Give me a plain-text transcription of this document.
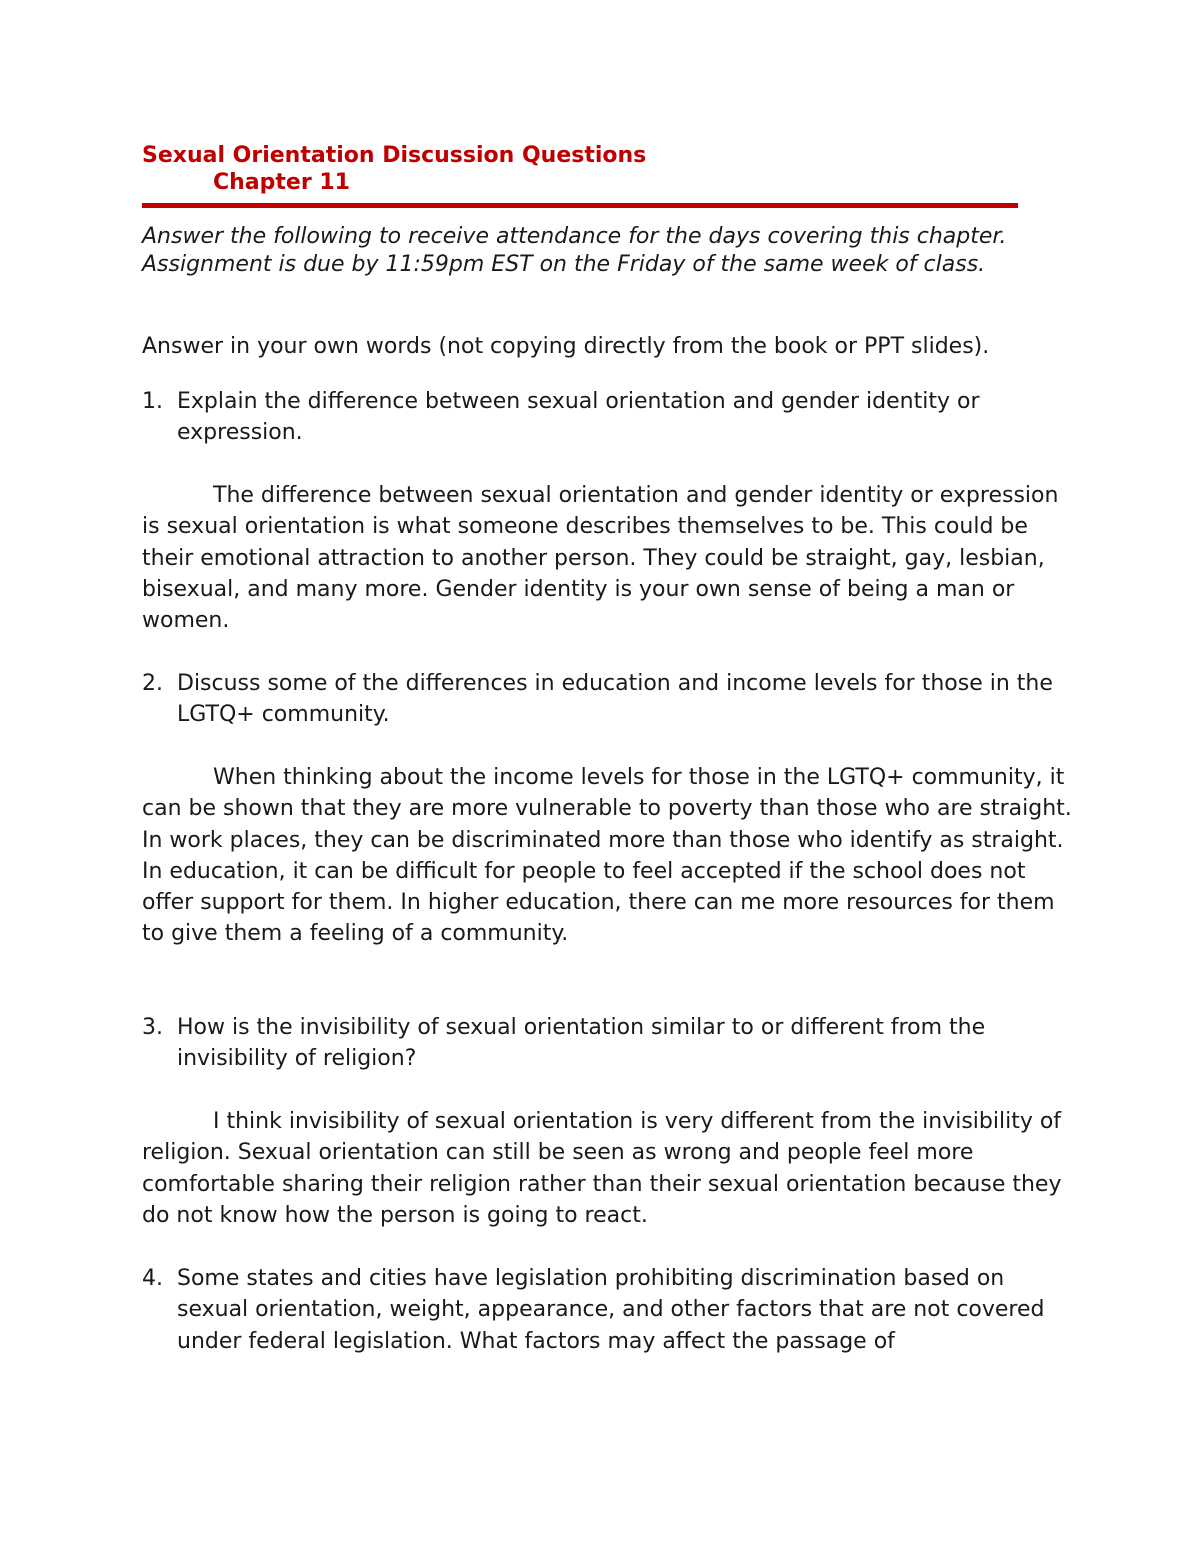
Sexual Orientation Discussion Questions
Chapter 11

Answer the following to receive attendance for the days covering this chapter. Assignment is due by 11:59pm EST on the Friday of the same week of class.

Answer in your own words (not copying directly from the book or PPT slides).

1. Explain the difference between sexual orientation and gender identity or expression.

The difference between sexual orientation and gender identity or expression is sexual orientation is what someone describes themselves to be. This could be their emotional attraction to another person. They could be straight, gay, lesbian, bisexual, and many more. Gender identity is your own sense of being a man or women.

2. Discuss some of the differences in education and income levels for those in the LGTQ+ community.

When thinking about the income levels for those in the LGTQ+ community, it can be shown that they are more vulnerable to poverty than those who are straight. In work places, they can be discriminated more than those who identify as straight. In education, it can be difficult for people to feel accepted if the school does not offer support for them. In higher education, there can me more resources for them to give them a feeling of a community.

3. How is the invisibility of sexual orientation similar to or different from the invisibility of religion?

I think invisibility of sexual orientation is very different from the invisibility of religion. Sexual orientation can still be seen as wrong and people feel more comfortable sharing their religion rather than their sexual orientation because they do not know how the person is going to react.

4. Some states and cities have legislation prohibiting discrimination based on sexual orientation, weight, appearance, and other factors that are not covered under federal legislation. What factors may affect the passage of
